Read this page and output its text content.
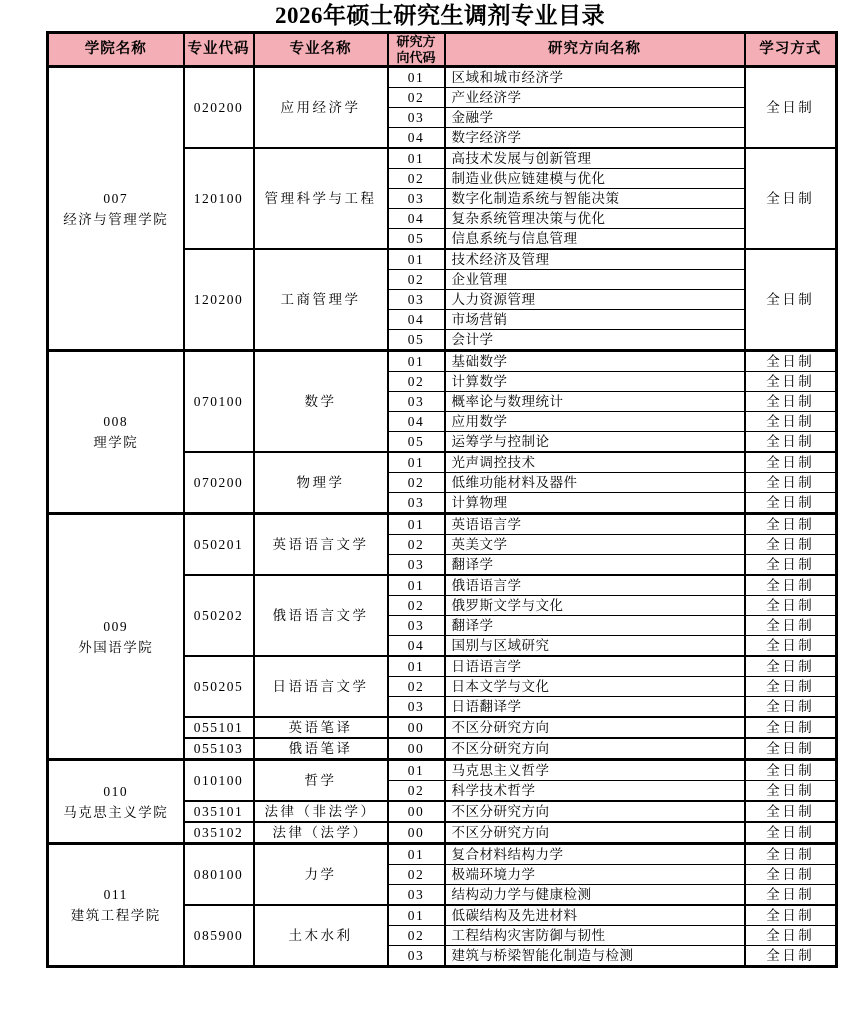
2026年硕士研究生调剂专业目录
学院名称	专业代码	专业名称	研究方向代码	研究方向名称	学习方式

007
经济与管理学院	020200	应用经济学	01	区域和城市经济学	全日制
			02	产业经济学	
			03	金融学	
			04	数字经济学	
	120100	管理科学与工程	01	高技术发展与创新管理	全日制
			02	制造业供应链建模与优化	
			03	数字化制造系统与智能决策	
			04	复杂系统管理决策与优化	
			05	信息系统与信息管理	
	120200	工商管理学	01	技术经济及管理	全日制
			02	企业管理	
			03	人力资源管理	
			04	市场营销	
			05	会计学	

008
理学院	070100	数学	01	基础数学	全日制
			02	计算数学	全日制
			03	概率论与数理统计	全日制
			04	应用数学	全日制
			05	运筹学与控制论	全日制
	070200	物理学	01	光声调控技术	全日制
			02	低维功能材料及器件	全日制
			03	计算物理	全日制

009
外国语学院	050201	英语语言文学	01	英语语言学	全日制
			02	英美文学	全日制
			03	翻译学	全日制
	050202	俄语语言文学	01	俄语语言学	全日制
			02	俄罗斯文学与文化	全日制
			03	翻译学	全日制
			04	国别与区域研究	全日制
	050205	日语语言文学	01	日语语言学	全日制
			02	日本文学与文化	全日制
			03	日语翻译学	全日制
	055101	英语笔译	00	不区分研究方向	全日制
	055103	俄语笔译	00	不区分研究方向	全日制

010
马克思主义学院	010100	哲学	01	马克思主义哲学	全日制
			02	科学技术哲学	全日制
	035101	法律（非法学）	00	不区分研究方向	全日制
	035102	法律（法学）	00	不区分研究方向	全日制

011
建筑工程学院	080100	力学	01	复合材料结构力学	全日制
			02	极端环境力学	全日制
			03	结构动力学与健康检测	全日制
	085900	土木水利	01	低碳结构及先进材料	全日制
			02	工程结构灾害防御与韧性	全日制
			03	建筑与桥梁智能化制造与检测	全日制
